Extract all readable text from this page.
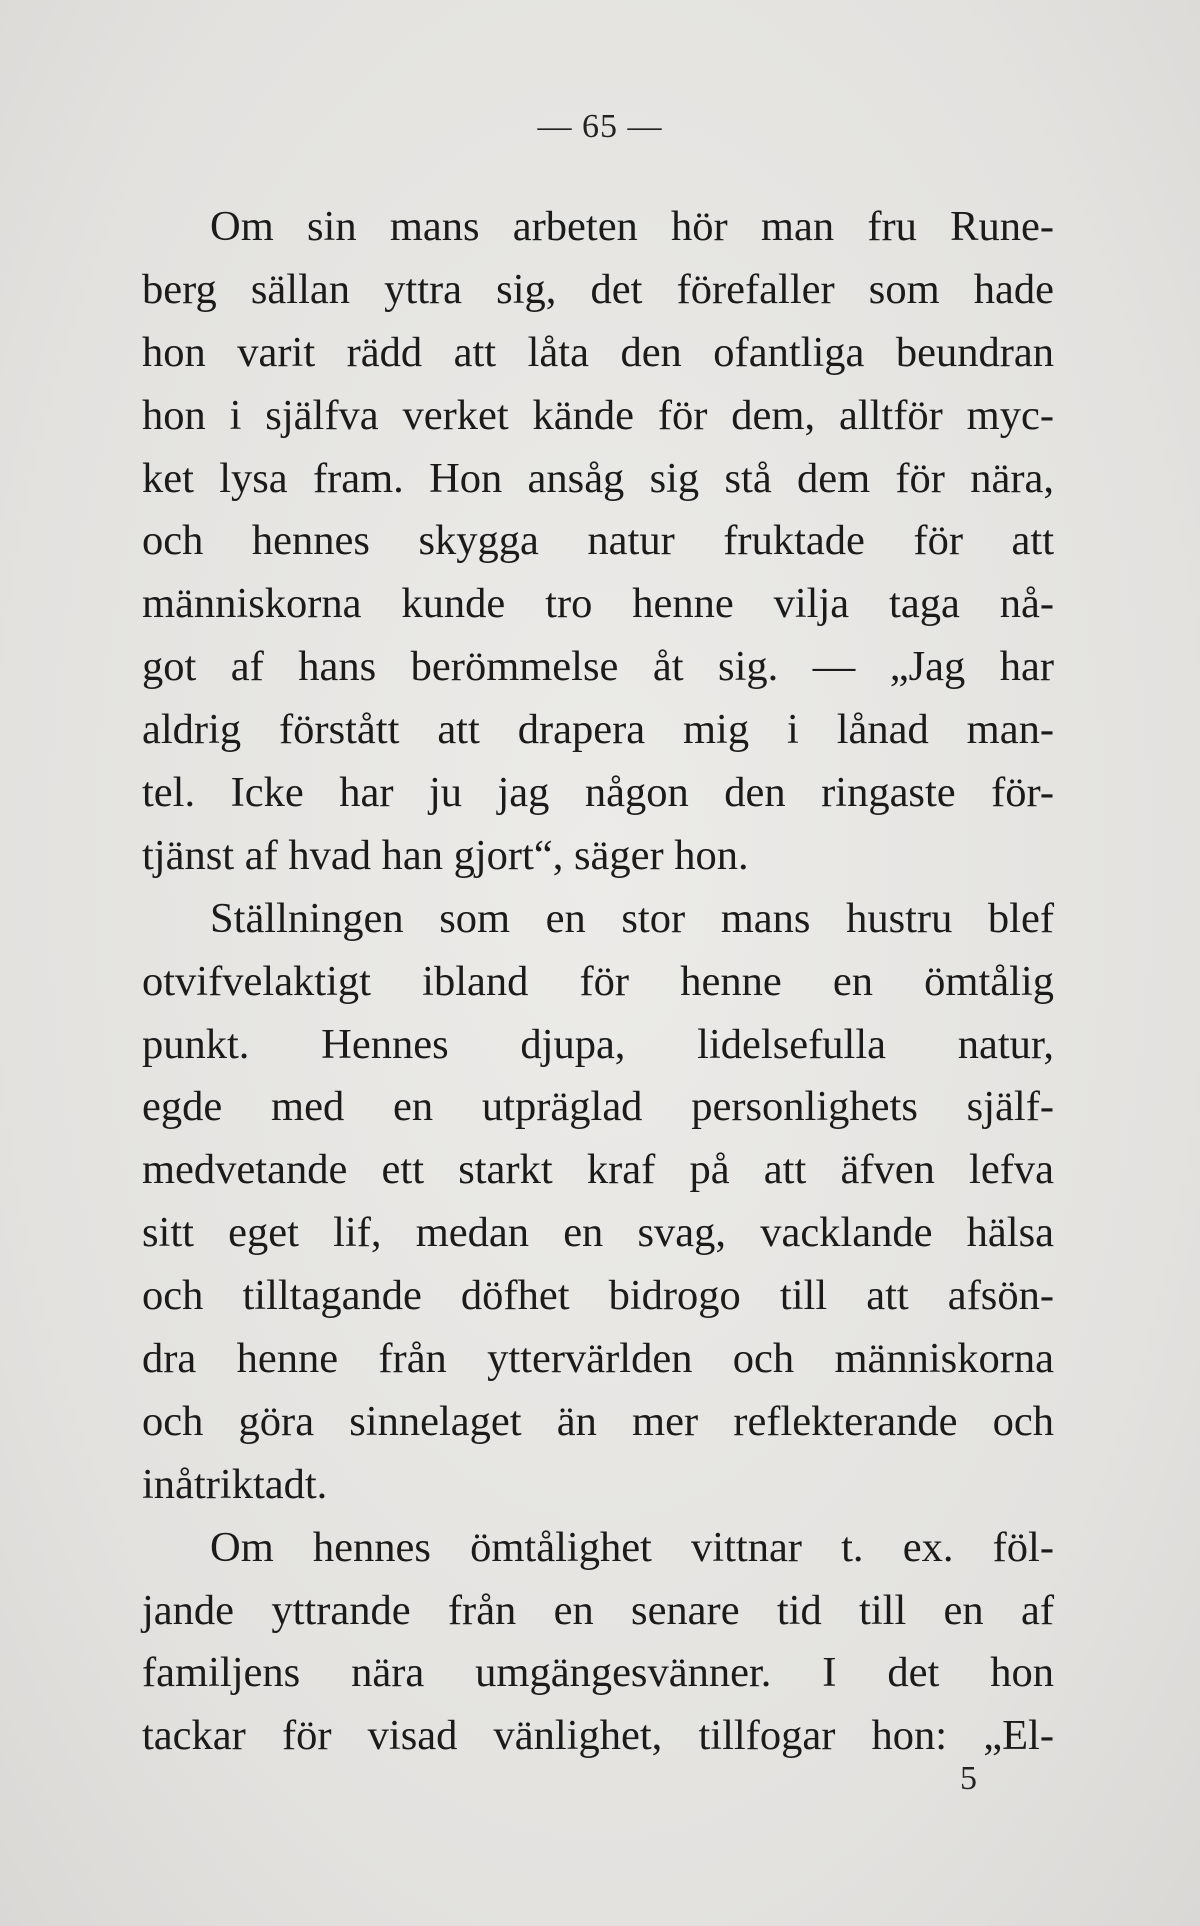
— 65 —
Om sin mans arbeten hör man fru Rune-
berg sällan yttra sig, det förefaller som hade
hon varit rädd att låta den ofantliga beundran
hon i själfva verket kände för dem, alltför myc-
ket lysa fram. Hon ansåg sig stå dem för nära,
och hennes skygga natur fruktade för att
människorna kunde tro henne vilja taga nå-
got af hans berömmelse åt sig. — „Jag har
aldrig förstått att drapera mig i lånad man-
tel. Icke har ju jag någon den ringaste för-
tjänst af hvad han gjort“, säger hon.
Ställningen som en stor mans hustru blef
otvifvelaktigt ibland för henne en ömtålig
punkt. Hennes djupa, lidelsefulla natur,
egde med en utpräglad personlighets själf-
medvetande ett starkt kraf på att äfven lefva
sitt eget lif, medan en svag, vacklande hälsa
och tilltagande döfhet bidrogo till att afsön-
dra henne från yttervärlden och människorna
och göra sinnelaget än mer reflekterande och
inåtriktadt.
Om hennes ömtålighet vittnar t. ex. föl-
jande yttrande från en senare tid till en af
familjens nära umgängesvänner. I det hon
tackar för visad vänlighet, tillfogar hon: „El-
5
